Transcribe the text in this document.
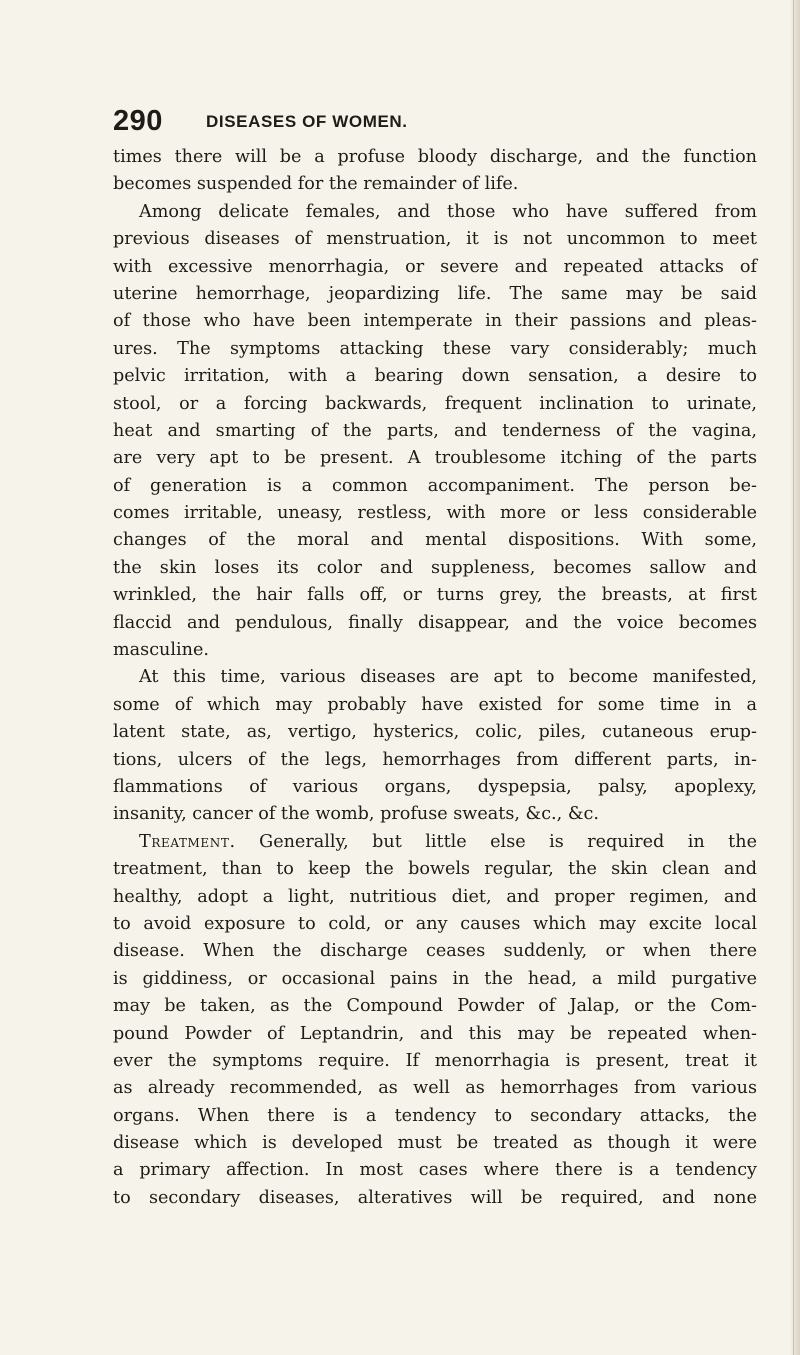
290	DISEASES OF WOMEN.
times there will be a profuse bloody discharge, and the function
becomes suspended for the remainder of life.
Among delicate females, and those who have suffered from
previous diseases of menstruation, it is not uncommon to meet
with excessive menorrhagia, or severe and repeated attacks of
uterine hemorrhage, jeopardizing life. The same may be said
of those who have been intemperate in their passions and pleas-
ures. The symptoms attacking these vary considerably; much
pelvic irritation, with a bearing down sensation, a desire to
stool, or a forcing backwards, frequent inclination to urinate,
heat and smarting of the parts, and tenderness of the vagina,
are very apt to be present. A troublesome itching of the parts
of generation is a common accompaniment. The person be-
comes irritable, uneasy, restless, with more or less considerable
changes of the moral and mental dispositions. With some,
the skin loses its color and suppleness, becomes sallow and
wrinkled, the hair falls off, or turns grey, the breasts, at first
flaccid and pendulous, finally disappear, and the voice becomes
masculine.
At this time, various diseases are apt to become manifested,
some of which may probably have existed for some time in a
latent state, as, vertigo, hysterics, colic, piles, cutaneous erup-
tions, ulcers of the legs, hemorrhages from different parts, in-
flammations of various organs, dyspepsia, palsy, apoplexy,
insanity, cancer of the womb, profuse sweats, &c., &c.
Treatment. Generally, but little else is required in the
treatment, than to keep the bowels regular, the skin clean and
healthy, adopt a light, nutritious diet, and proper regimen, and
to avoid exposure to cold, or any causes which may excite local
disease. When the discharge ceases suddenly, or when there
is giddiness, or occasional pains in the head, a mild purgative
may be taken, as the Compound Powder of Jalap, or the Com-
pound Powder of Leptandrin, and this may be repeated when-
ever the symptoms require. If menorrhagia is present, treat it
as already recommended, as well as hemorrhages from various
organs. When there is a tendency to secondary attacks, the
disease which is developed must be treated as though it were
a primary affection. In most cases where there is a tendency
to secondary diseases, alteratives will be required, and none
